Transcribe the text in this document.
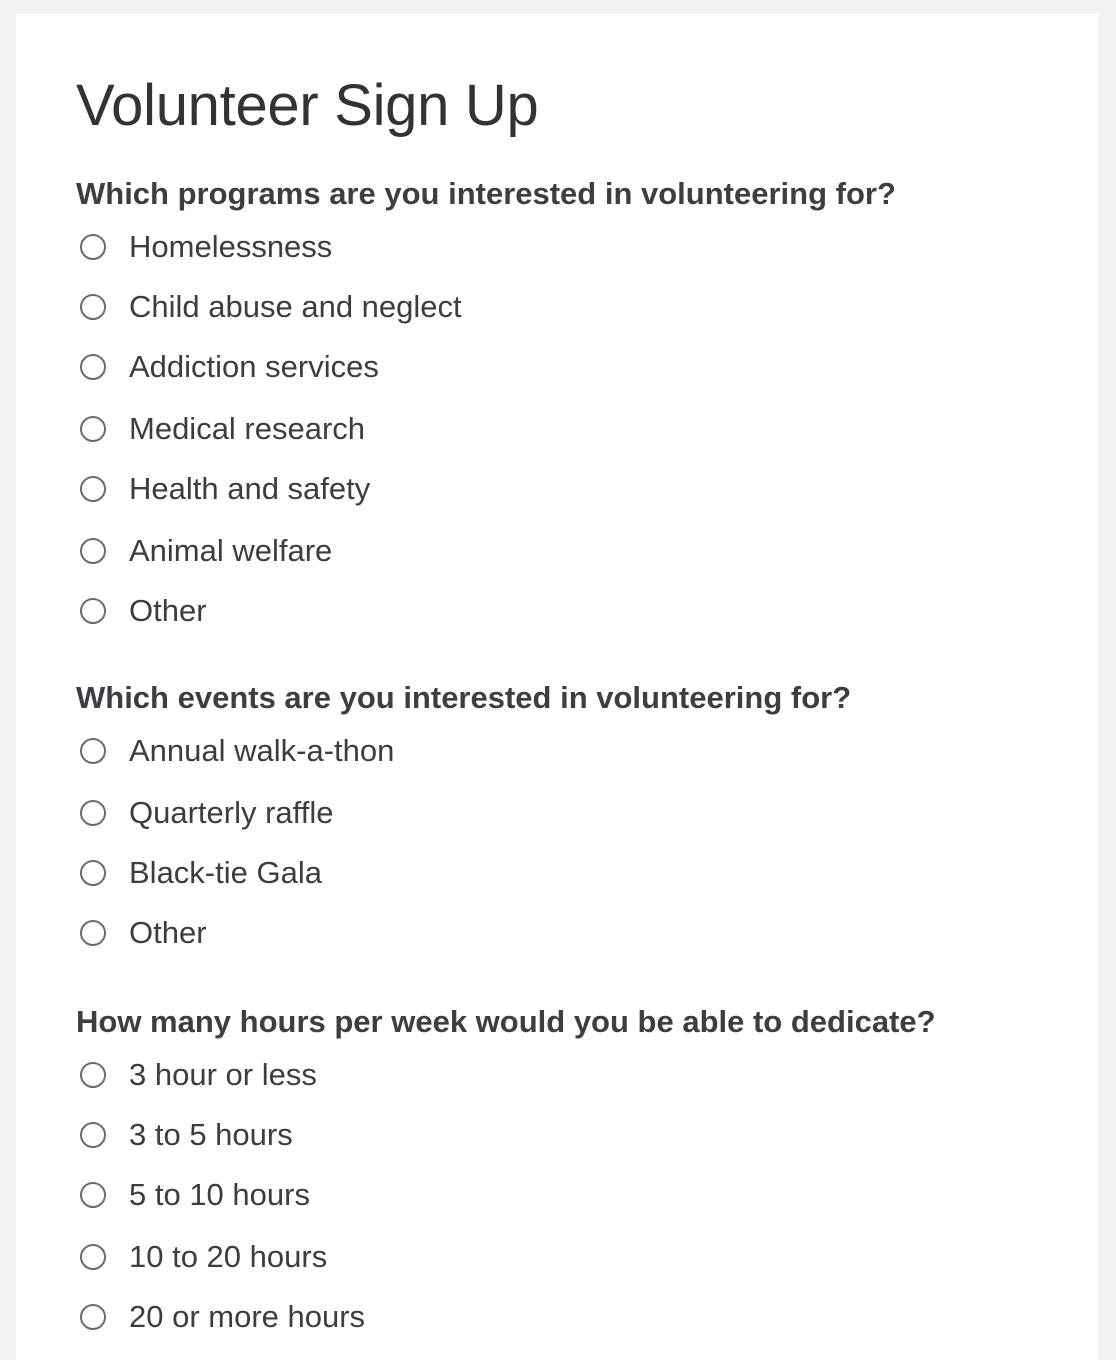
Volunteer Sign Up
Which programs are you interested in volunteering for?
Homelessness
Child abuse and neglect
Addiction services
Medical research
Health and safety
Animal welfare
Other
Which events are you interested in volunteering for?
Annual walk-a-thon
Quarterly raffle
Black-tie Gala
Other
How many hours per week would you be able to dedicate?
3 hour or less
3 to 5 hours
5 to 10 hours
10 to 20 hours
20 or more hours
